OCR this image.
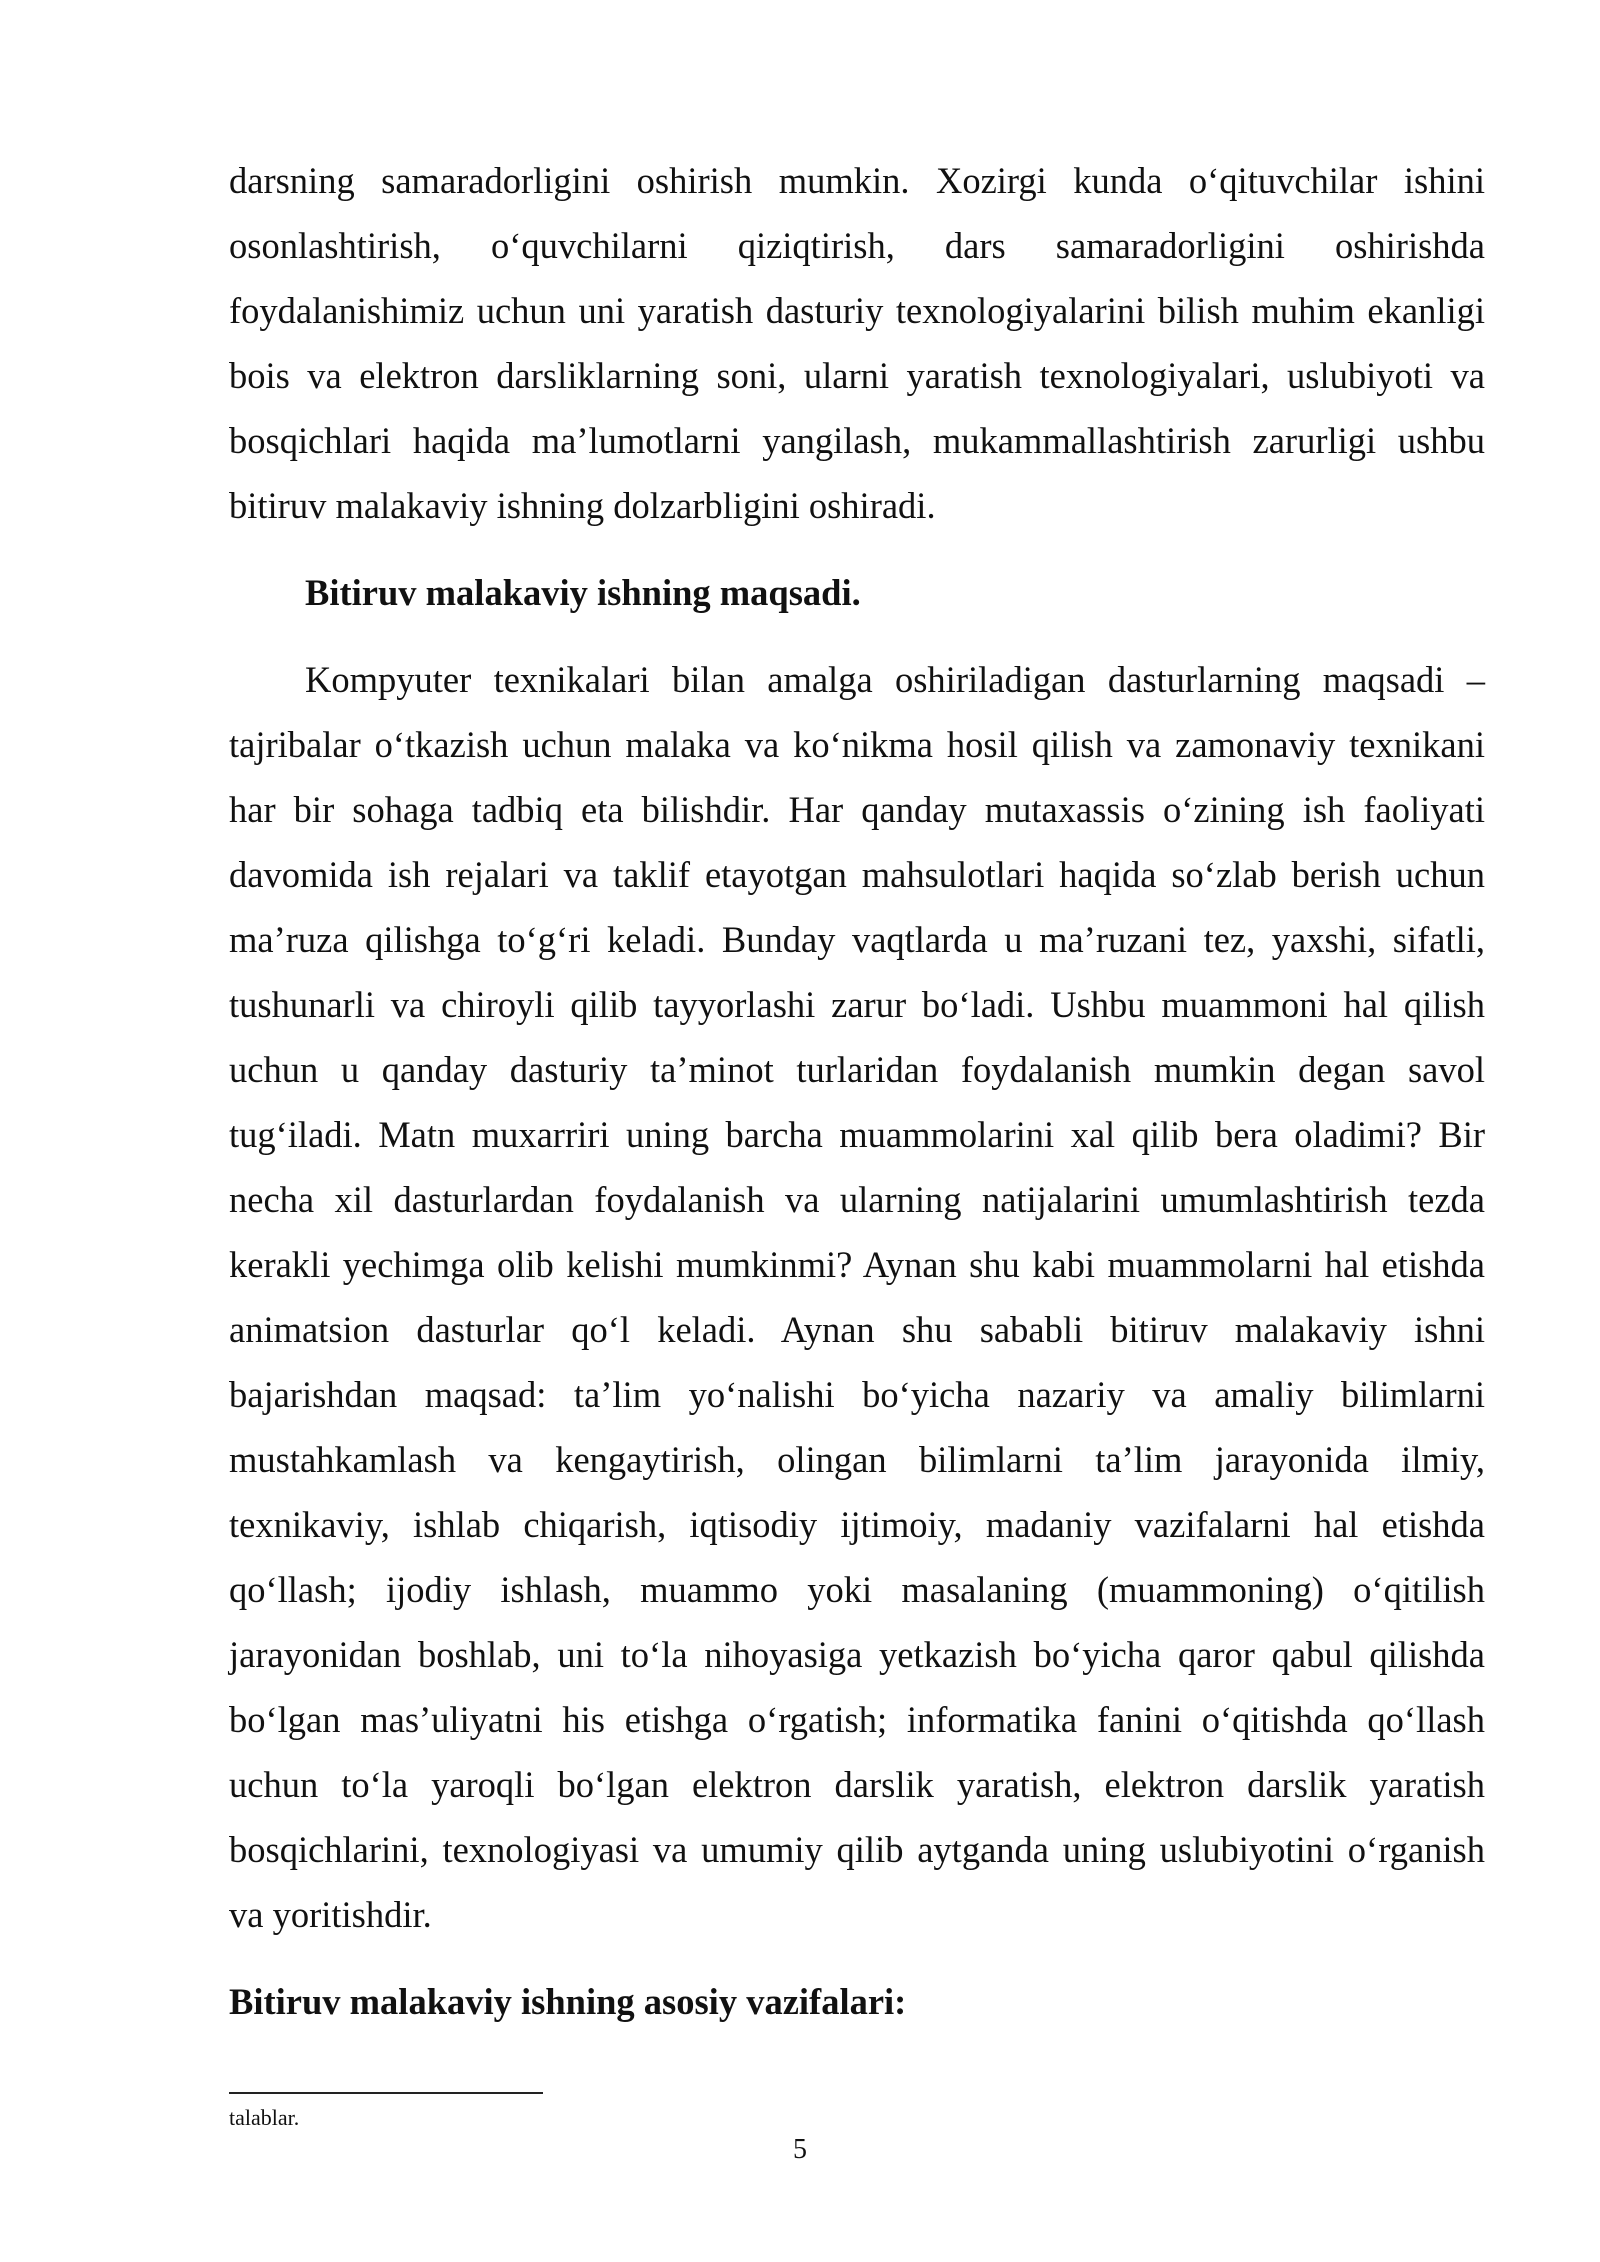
darsning samaradorligini oshirish mumkin. Xozirgi kunda o‘qituvchilar ishini osonlashtirish, o‘quvchilarni qiziqtirish, dars samaradorligini oshirishda foydalanishimiz uchun uni yaratish dasturiy texnologiyalarini bilish muhim ekanligi bois va elektron darsliklarning soni, ularni yaratish texnologiyalari, uslubiyoti va bosqichlari haqida ma’lumotlarni yangilash, mukammallashtirish zarurligi ushbu bitiruv malakaviy ishning dolzarbligini oshiradi.

Bitiruv malakaviy ishning maqsadi.

Kompyuter texnikalari bilan amalga oshiriladigan dasturlarning maqsadi – tajribalar o‘tkazish uchun malaka va ko‘nikma hosil qilish va zamonaviy texnikani har bir sohaga tadbiq eta bilishdir. Har qanday mutaxassis o‘zining ish faoliyati davomida ish rejalari va taklif etayotgan mahsulotlari haqida so‘zlab berish uchun ma’ruza qilishga to‘g‘ri keladi. Bunday vaqtlarda u ma’ruzani tez, yaxshi, sifatli, tushunarli va chiroyli qilib tayyorlashi zarur bo‘ladi. Ushbu muammoni hal qilish uchun u qanday dasturiy ta’minot turlaridan foydalanish mumkin degan savol tug‘iladi. Matn muxarriri uning barcha muammolarini xal qilib bera oladimi? Bir necha xil dasturlardan foydalanish va ularning natijalarini umumlashtirish tezda kerakli yechimga olib kelishi mumkinmi? Aynan shu kabi muammolarni hal etishda animatsion dasturlar qo‘l keladi. Aynan shu sababli bitiruv malakaviy ishni bajarishdan maqsad: ta’lim yo‘nalishi bo‘yicha nazariy va amaliy bilimlarni mustahkamlash va kengaytirish, olingan bilimlarni ta’lim jarayonida ilmiy, texnikaviy, ishlab chiqarish, iqtisodiy ijtimoiy, madaniy vazifalarni hal etishda qo‘llash; ijodiy ishlash, muammo yoki masalaning (muammoning) o‘qitilish jarayonidan boshlab, uni to‘la nihoyasiga yetkazish bo‘yicha qaror qabul qilishda bo‘lgan mas’uliyatni his etishga o‘rgatish; informatika fanini o‘qitishda qo‘llash uchun to‘la yaroqli bo‘lgan elektron darslik yaratish, elektron darslik yaratish bosqichlarini, texnologiyasi va umumiy qilib aytganda uning uslubiyotini o‘rganish va yoritishdir.

Bitiruv malakaviy ishning asosiy vazifalari:

talablar.
5
